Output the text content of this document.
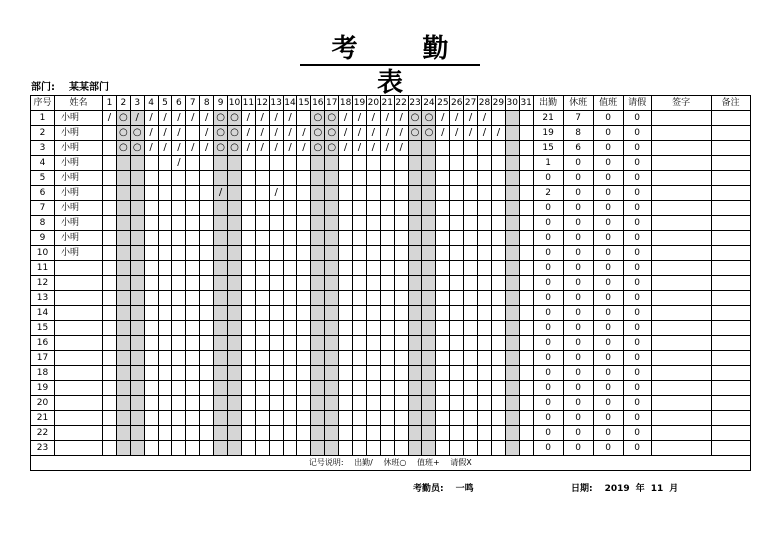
考 勤 表
部门: 某某部门
序号	姓名	1	2	3	4	5	6	7	8	9	10	11	12	13	14	15	16	17	18	19	20	21	22	23	24	25	26	27	28	29	30	31	出勤	休班	值班	请假	签字	备注
1	小明	/	○	/	/	/	/	/	/	○	○	/	/	/	/		○	○	/	/	/	/	/	○	○	/	/	/	/				21	7	0	0		
2	小明		○	○	/	/	/		/	○	○	/	/	/	/	/	○	○	/	/	/	/	/	○	○	/	/	/	/	/			19	8	0	0		
3	小明		○	○	/	/	/	/	/	○	○	/	/	/	/	/	○	○	/	/	/	/	/										15	6	0	0		
4	小明						/																										1	0	0	0		
5	小明																																0	0	0	0		
6	小明									/				/																			2	0	0	0		
7	小明																																0	0	0	0		
8	小明																																0	0	0	0		
9	小明																																0	0	0	0		
10	小明																																0	0	0	0		
11																																	0	0	0	0		
12																																	0	0	0	0		
13																																	0	0	0	0		
14																																	0	0	0	0		
15																																	0	0	0	0		
16																																	0	0	0	0		
17																																	0	0	0	0		
18																																	0	0	0	0		
19																																	0	0	0	0		
20																																	0	0	0	0		
21																																	0	0	0	0		
22																																	0	0	0	0		
23																																	0	0	0	0		
记号说明: 出勤/ 休班○ 值班+ 请假X																																						
考勤员: 一鸣	日期: 2019 年 11 月
